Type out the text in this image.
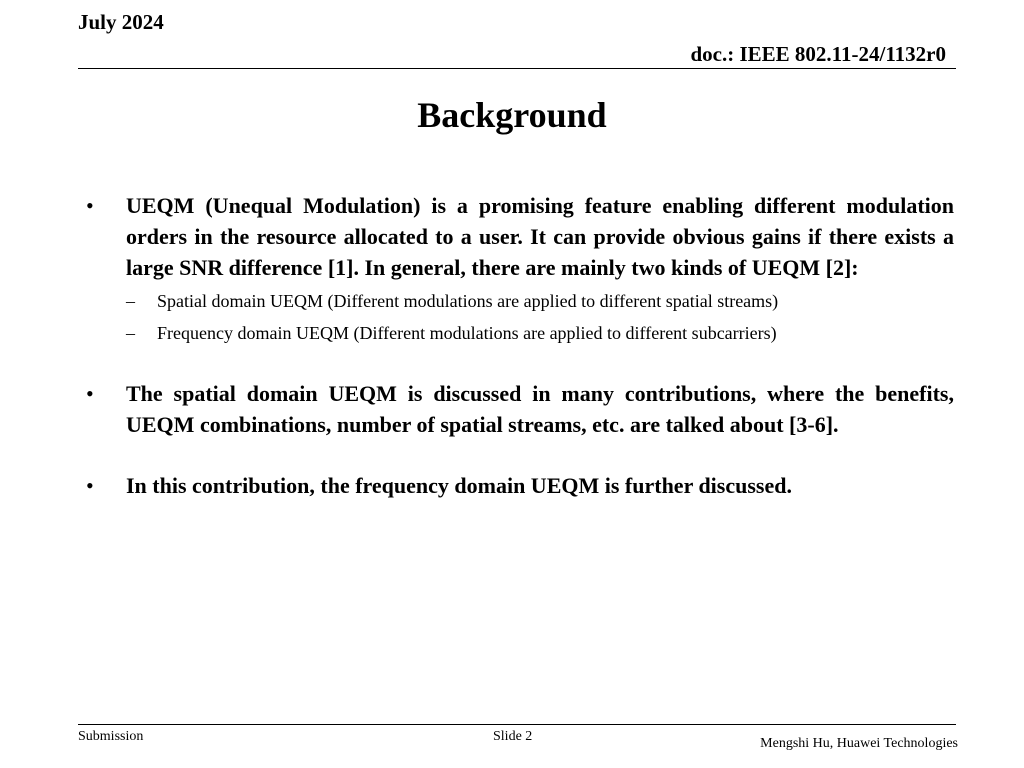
July 2024
doc.: IEEE 802.11-24/1132r0
Background
• UEQM (Unequal Modulation) is a promising feature enabling different modulation orders in the resource allocated to a user. It can provide obvious gains if there exists a large SNR difference [1]. In general, there are mainly two kinds of UEQM [2]:
– Spatial domain UEQM (Different modulations are applied to different spatial streams)
– Frequency domain UEQM (Different modulations are applied to different subcarriers)
• The spatial domain UEQM is discussed in many contributions, where the benefits, UEQM combinations, number of spatial streams, etc. are talked about [3-6].
• In this contribution, the frequency domain UEQM is further discussed.
Submission	Slide 2	Mengshi Hu, Huawei Technologies
